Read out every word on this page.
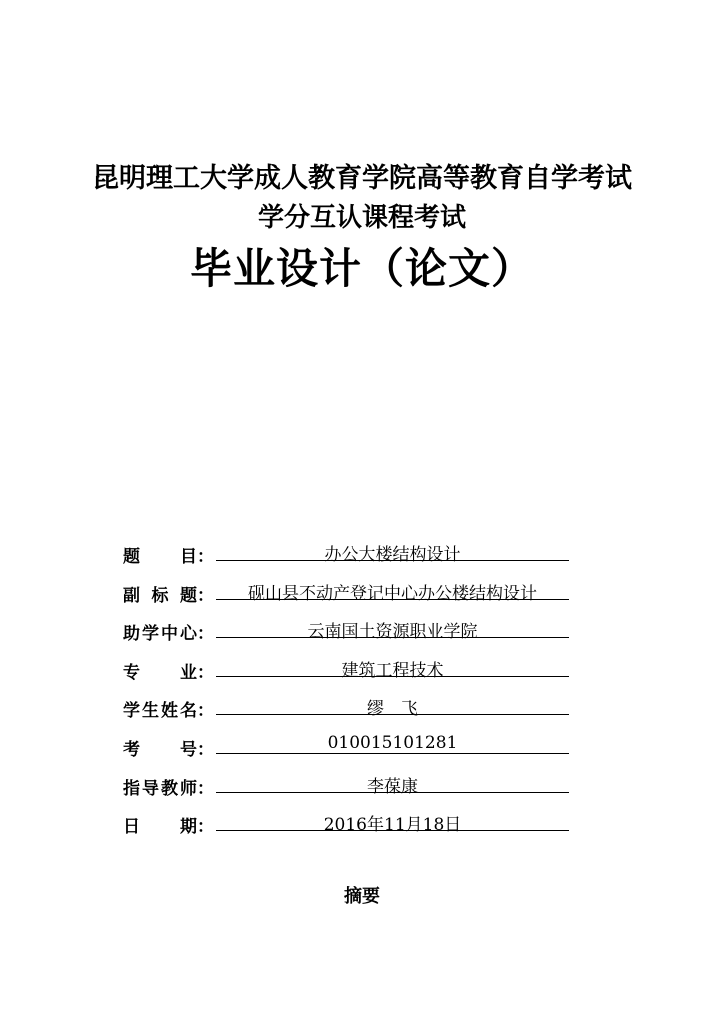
昆明理工大学成人教育学院高等教育自学考试
学分互认课程考试
毕业设计（论文）
题 目 ：	办公大楼结构设计
副 标 题 ：	砚山县不动产登记中心办公楼结构设计
助 学 中 心 ：	云南国土资源职业学院
专 业 ：	建筑工程技术
学 生 姓 名 ：	缪　飞
考 号 ：	010015101281
指 导 教 师 ：	李葆康
日 期 ：	2016年11月18日
摘要
